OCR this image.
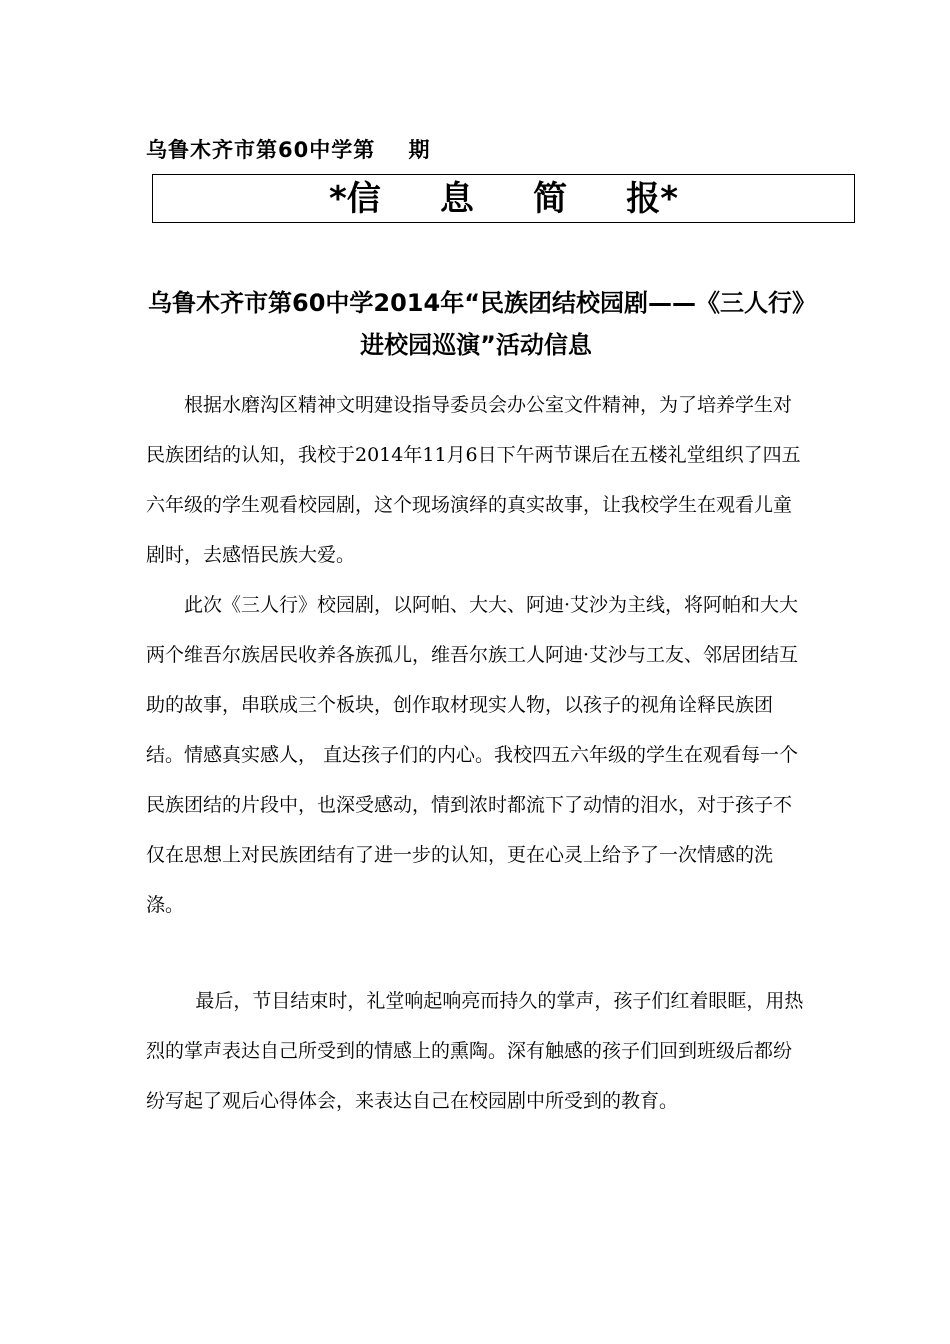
乌鲁木齐市第60中学第    期
*信     息     简     报*
乌鲁木齐市第60中学2014年“民族团结校园剧——《三人行》进校园巡演”活动信息

根据水磨沟区精神文明建设指导委员会办公室文件精神，为了培养学生对民族团结的认知，我校于2014年11月6日下午两节课后在五楼礼堂组织了四五六年级的学生观看校园剧，这个现场演绎的真实故事，让我校学生在观看儿童剧时，去感悟民族大爱。

此次《三人行》校园剧，以阿帕、大大、阿迪·艾沙为主线，将阿帕和大大两个维吾尔族居民收养各族孤儿，维吾尔族工人阿迪·艾沙与工友、邻居团结互助的故事，串联成三个板块，创作取材现实人物，以孩子的视角诠释民族团结。情感真实感人， 直达孩子们的内心。我校四五六年级的学生在观看每一个民族团结的片段中，也深受感动，情到浓时都流下了动情的泪水，对于孩子不仅在思想上对民族团结有了进一步的认知，更在心灵上给予了一次情感的洗涤。

最后，节目结束时，礼堂响起响亮而持久的掌声，孩子们红着眼眶，用热烈的掌声表达自己所受到的情感上的熏陶。深有触感的孩子们回到班级后都纷纷写起了观后心得体会，来表达自己在校园剧中所受到的教育。
